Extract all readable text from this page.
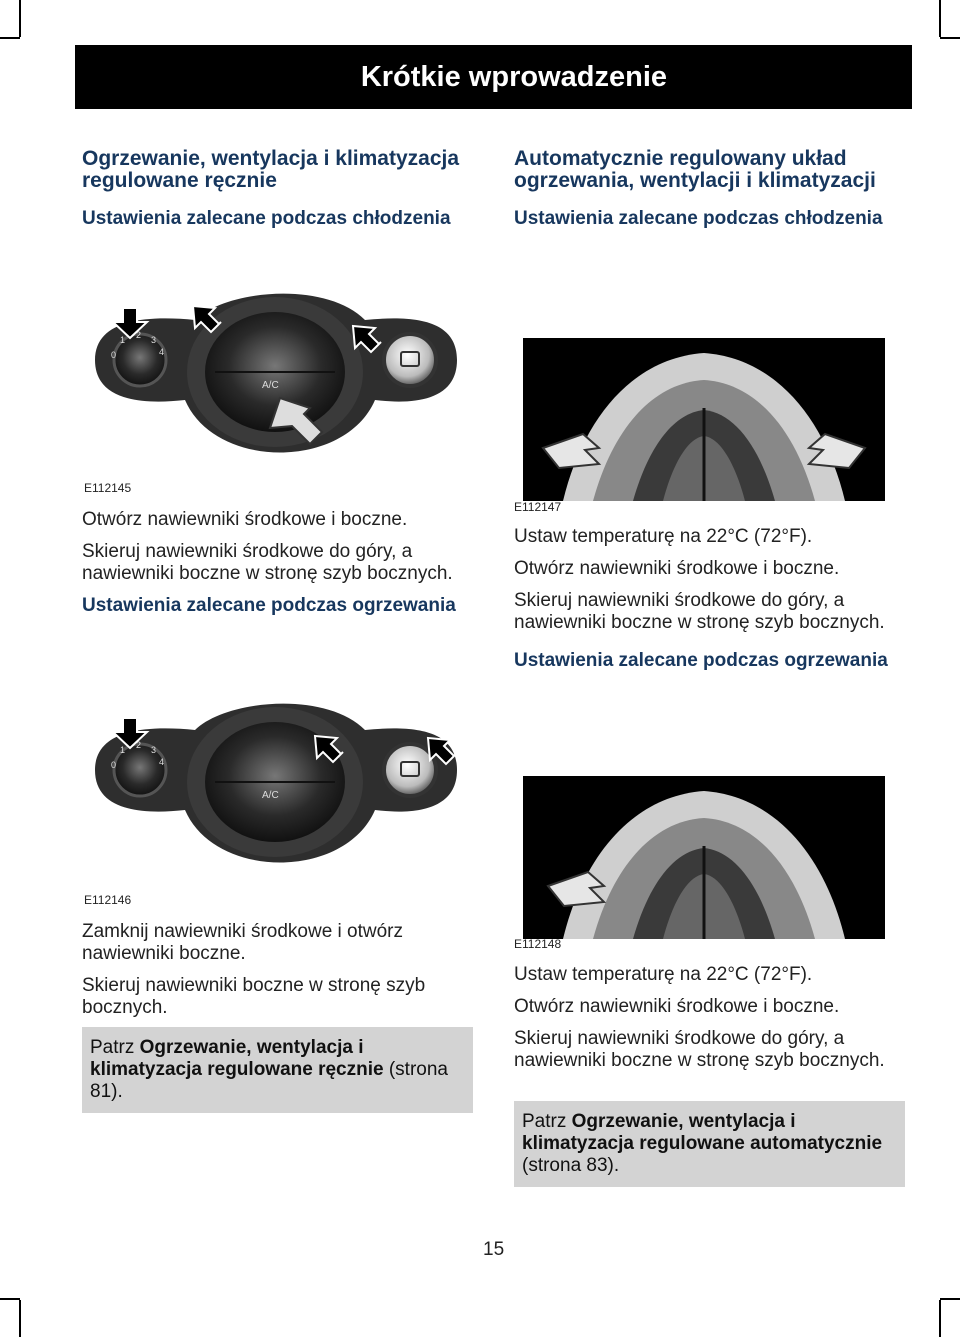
Krótkie wprowadzenie

Ogrzewanie, wentylacja i klimatyzacja regulowane ręcznie

Ustawienia zalecane podczas chłodzenia

0
1 2 3
4
A/C
E112145

Otwórz nawiewniki środkowe i boczne.

Skieruj nawiewniki środkowe do góry, a nawiewniki boczne w stronę szyb bocznych.

Ustawienia zalecane podczas ogrzewania

0
1 2 3
4
A/C
E112146

Zamknij nawiewniki środkowe i otwórz nawiewniki boczne.

Skieruj nawiewniki boczne w stronę szyb bocznych.

Patrz Ogrzewanie, wentylacja i klimatyzacja regulowane ręcznie (strona 81).

Automatycznie regulowany układ ogrzewania, wentylacji i klimatyzacji

Ustawienia zalecane podczas chłodzenia

E112147

Ustaw temperaturę na 22°C (72°F).

Otwórz nawiewniki środkowe i boczne.

Skieruj nawiewniki środkowe do góry, a nawiewniki boczne w stronę szyb bocznych.

Ustawienia zalecane podczas ogrzewania

E112148

Ustaw temperaturę na 22°C (72°F).

Otwórz nawiewniki środkowe i boczne.

Skieruj nawiewniki środkowe do góry, a nawiewniki boczne w stronę szyb bocznych.

Patrz Ogrzewanie, wentylacja i klimatyzacja regulowane automatycznie (strona 83).
15
